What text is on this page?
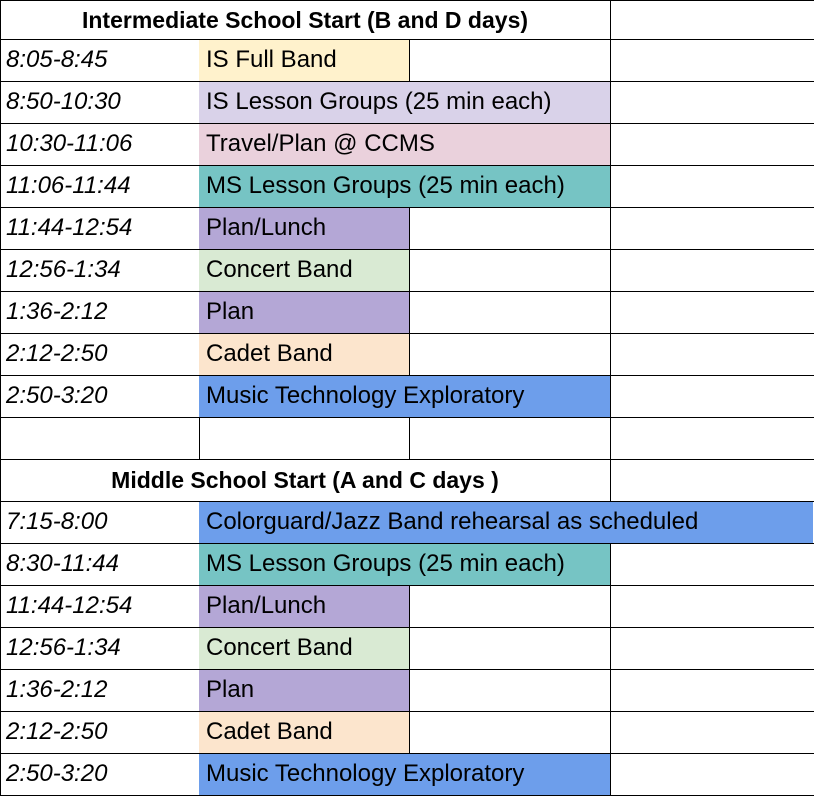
Intermediate School Start (B and D days)
8:05-8:45	IS Full Band
8:50-10:30	IS Lesson Groups (25 min each)
10:30-11:06	Travel/Plan @ CCMS
11:06-11:44	MS Lesson Groups (25 min each)
11:44-12:54	Plan/Lunch
12:56-1:34	Concert Band
1:36-2:12	Plan
2:12-2:50	Cadet Band
2:50-3:20	Music Technology Exploratory
Middle School Start (A and C days )
7:15-8:00	Colorguard/Jazz Band rehearsal as scheduled
8:30-11:44	MS Lesson Groups (25 min each)
11:44-12:54	Plan/Lunch
12:56-1:34	Concert Band
1:36-2:12	Plan
2:12-2:50	Cadet Band
2:50-3:20	Music Technology Exploratory
